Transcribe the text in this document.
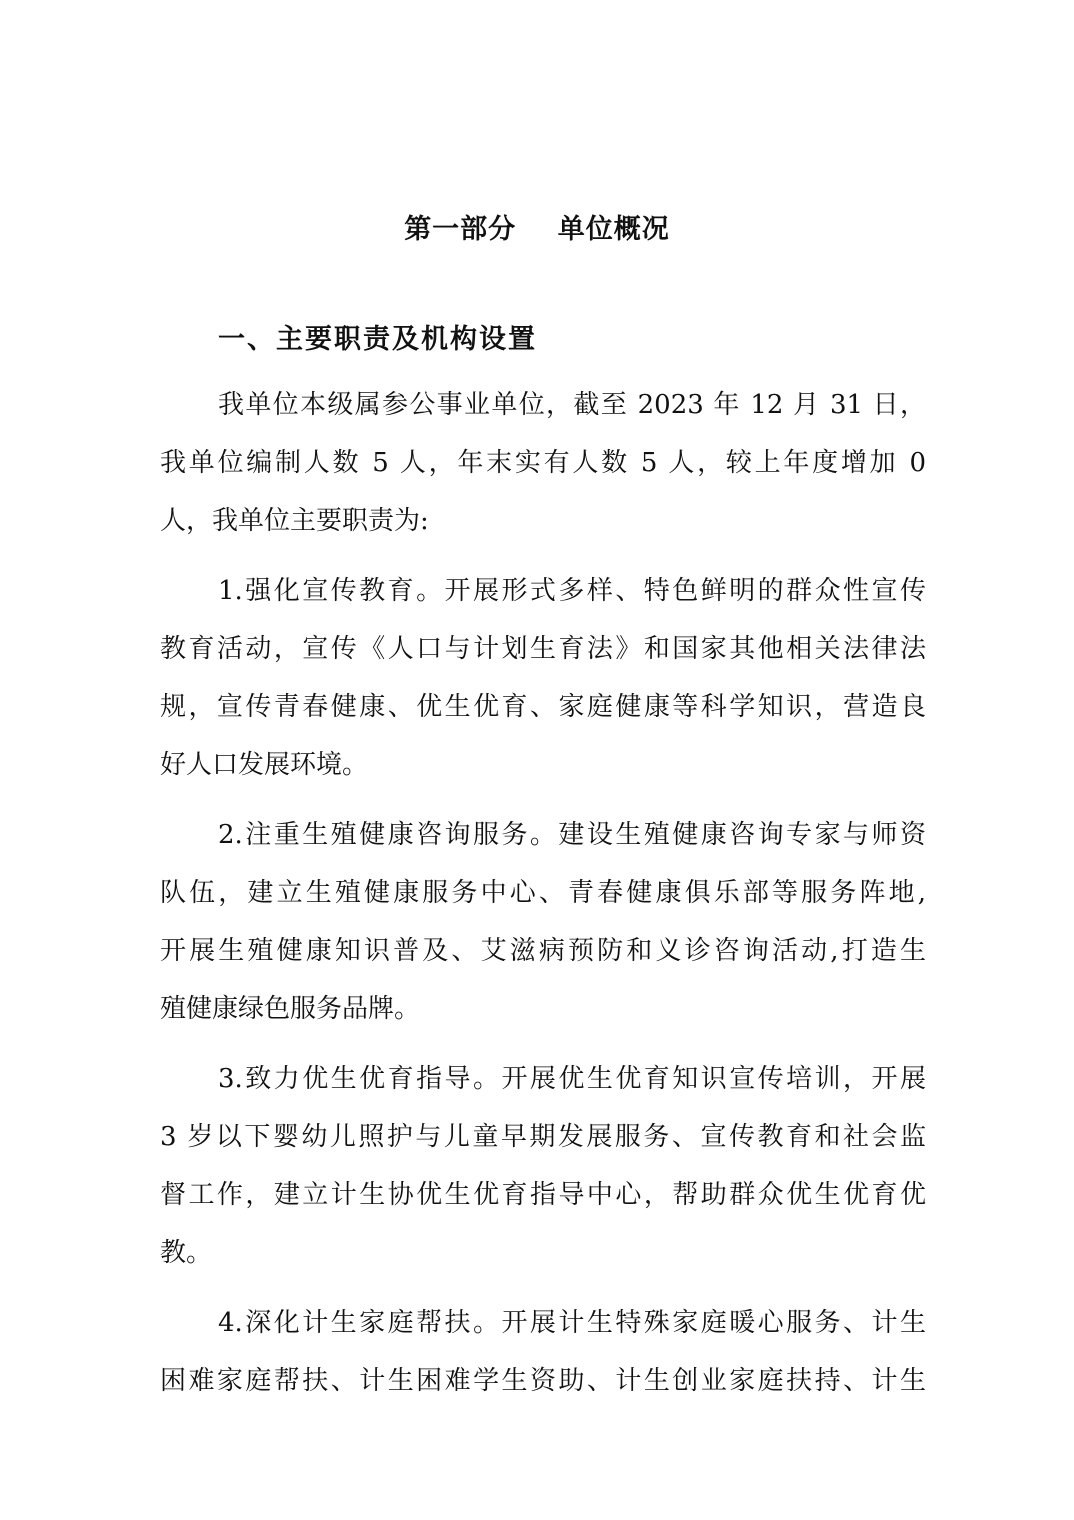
第一部分    单位概况
一、主要职责及机构设置
我单位本级属参公事业单位，截至 2023 年 12 月 31 日，
我单位编制人数 5 人，年末实有人数 5 人，较上年度增加 0
人，我单位主要职责为:
1.强化宣传教育。开展形式多样、特色鲜明的群众性宣传
教育活动，宣传《人口与计划生育法》和国家其他相关法律法
规，宣传青春健康、优生优育、家庭健康等科学知识，营造良
好人口发展环境。
2.注重生殖健康咨询服务。建设生殖健康咨询专家与师资
队伍，建立生殖健康服务中心、青春健康俱乐部等服务阵地,
开展生殖健康知识普及、艾滋病预防和义诊咨询活动,打造生
殖健康绿色服务品牌。
3.致力优生优育指导。开展优生优育知识宣传培训，开展
3 岁以下婴幼儿照护与儿童早期发展服务、宣传教育和社会监
督工作，建立计生协优生优育指导中心，帮助群众优生优育优
教。
4.深化计生家庭帮扶。开展计生特殊家庭暖心服务、计生
困难家庭帮扶、计生困难学生资助、计生创业家庭扶持、计生
